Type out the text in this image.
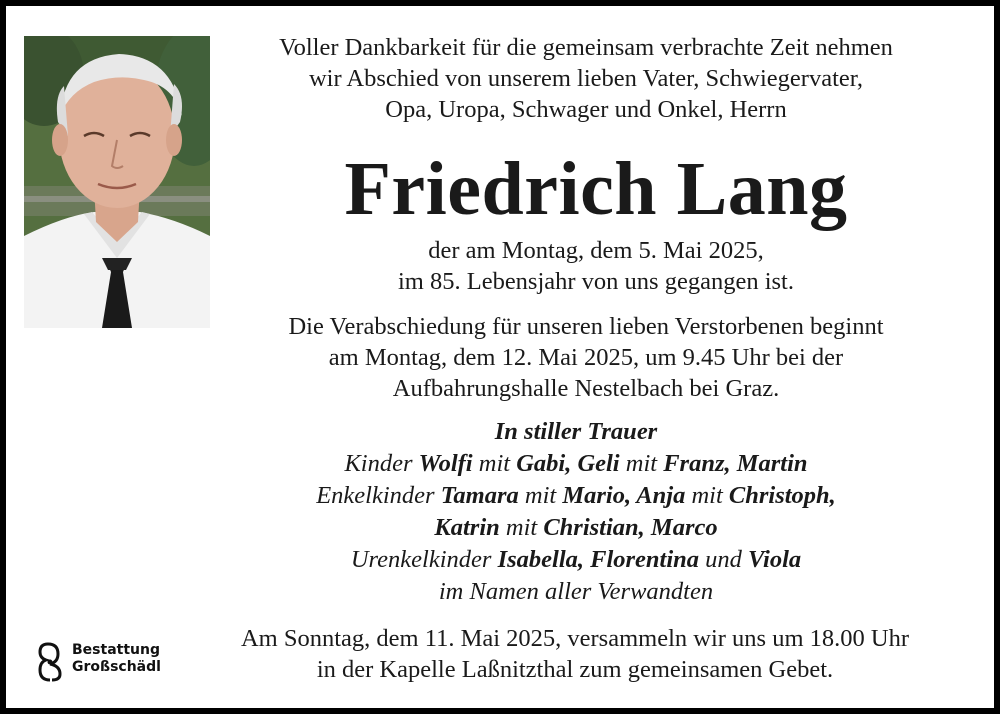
Voller Dankbarkeit für die gemeinsam verbrachte Zeit nehmen
wir Abschied von unserem lieben Vater, Schwiegervater,
Opa, Uropa, Schwager und Onkel, Herrn
Friedrich Lang
der am Montag, dem 5. Mai 2025,
im 85. Lebensjahr von uns gegangen ist.
Die Verabschiedung für unseren lieben Verstorbenen beginnt
am Montag, dem 12. Mai 2025, um 9.45 Uhr bei der
Aufbahrungshalle Nestelbach bei Graz.
In stiller Trauer
Kinder Wolfi mit Gabi, Geli mit Franz, Martin
Enkelkinder Tamara mit Mario, Anja mit Christoph,
Katrin mit Christian, Marco
Urenkelkinder Isabella, Florentina und Viola
im Namen aller Verwandten
Bestattung
Großschädl
Am Sonntag, dem 11. Mai 2025, versammeln wir uns um 18.00 Uhr
in der Kapelle Laßnitzthal zum gemeinsamen Gebet.
